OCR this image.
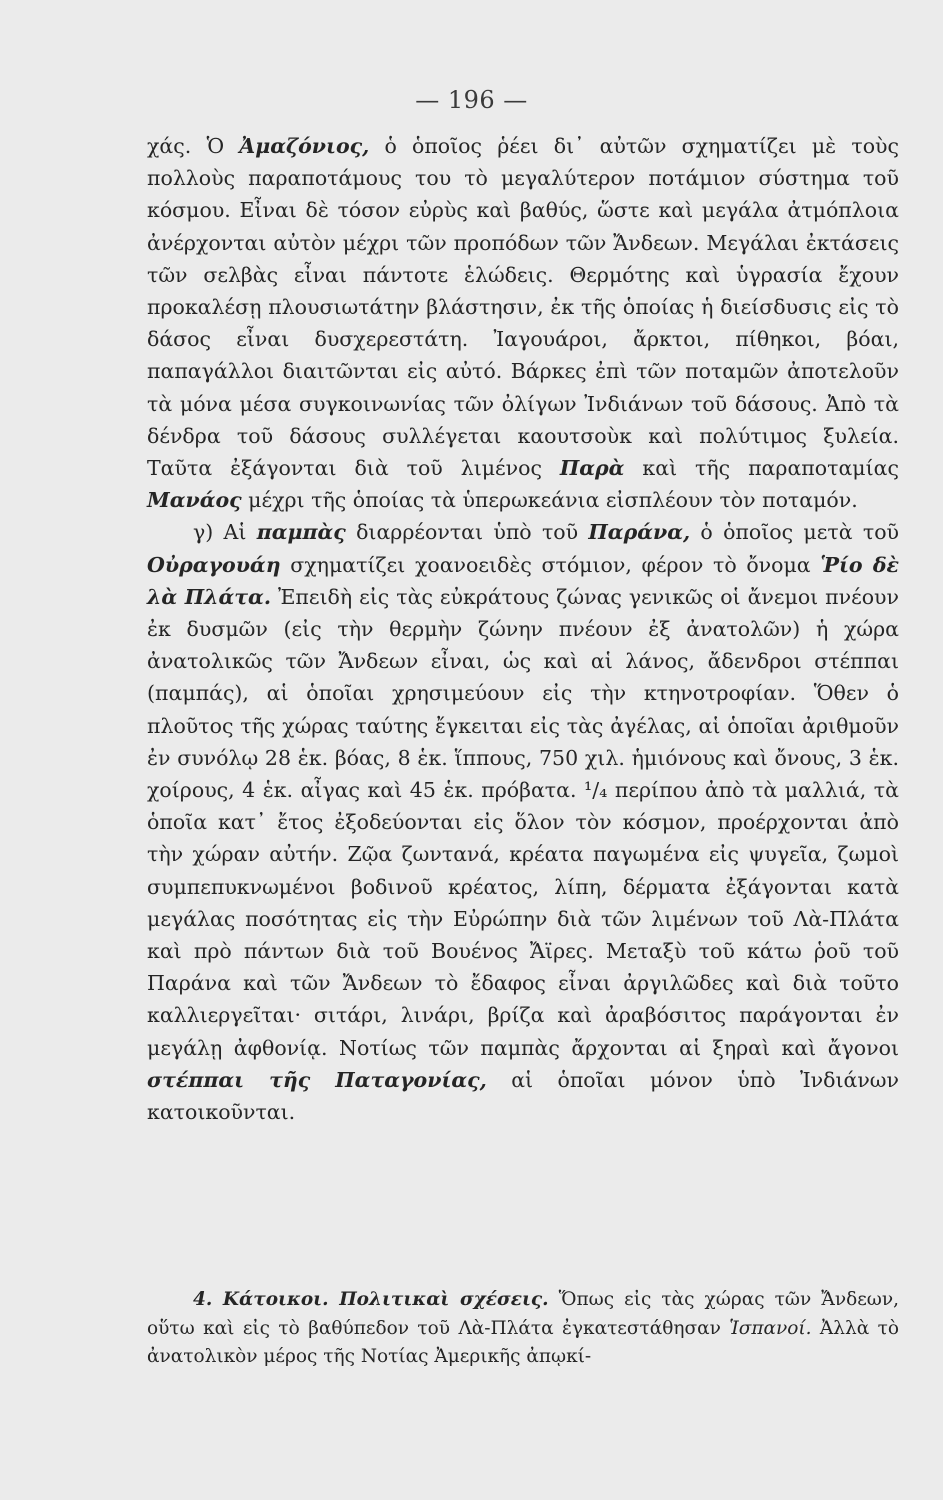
— 196 —

χάς. Ὁ Ἀμαζόνιος, ὁ ὁποῖος ῥέει δι᾽ αὐτῶν σχηματίζει μὲ τοὺς πολλοὺς παραποτάμους του τὸ μεγαλύτερον ποτάμιον σύστημα τοῦ κόσμου. Εἶναι δὲ τόσον εὐρὺς καὶ βαθύς, ὥστε καὶ μεγάλα ἀτμόπλοια ἀνέρχονται αὐτὸν μέχρι τῶν προπόδων τῶν Ἄνδεων. Μεγάλαι ἐκτάσεις τῶν σελβὰς εἶναι πάντοτε ἑλώδεις. Θερμότης καὶ ὑγρασία ἔχουν προκαλέσῃ πλουσιωτάτην βλάστησιν, ἐκ τῆς ὁποίας ἡ διείσδυσις εἰς τὸ δάσος εἶναι δυσχερεστάτη. Ἰαγουάροι, ἄρκτοι, πίθηκοι, βόαι, παπαγάλλοι διαιτῶνται εἰς αὐτό. Βάρκες ἐπὶ τῶν ποταμῶν ἀποτελοῦν τὰ μόνα μέσα συγκοινωνίας τῶν ὀλίγων Ἰνδιάνων τοῦ δάσους. Ἀπὸ τὰ δένδρα τοῦ δάσους συλλέγεται καουτσοὺκ καὶ πολύτιμος ξυλεία. Ταῦτα ἐξάγονται διὰ τοῦ λιμένος Παρὰ καὶ τῆς παραποταμίας Μανάος μέχρι τῆς ὁποίας τὰ ὑπερωκεάνια εἰσπλέουν τὸν ποταμόν.

γ) Αἱ παμπὰς διαρρέονται ὑπὸ τοῦ Παράνα, ὁ ὁποῖος μετὰ τοῦ Οὐραγουάη σχηματίζει χοανοειδὲς στόμιον, φέρον τὸ ὄνομα Ῥίο δὲ λὰ Πλάτα. Ἐπειδὴ εἰς τὰς εὐκράτους ζώνας γενικῶς οἱ ἄνεμοι πνέουν ἐκ δυσμῶν (εἰς τὴν θερμὴν ζώνην πνέουν ἐξ ἀνατολῶν) ἡ χώρα ἀνατολικῶς τῶν Ἄνδεων εἶναι, ὡς καὶ αἱ λάνος, ἄδενδροι στέππαι (παμπάς), αἱ ὁποῖαι χρησιμεύουν εἰς τὴν κτηνοτροφίαν. Ὅθεν ὁ πλοῦτος τῆς χώρας ταύτης ἔγκειται εἰς τὰς ἀγέλας, αἱ ὁποῖαι ἀριθμοῦν ἐν συνόλῳ 28 ἑκ. βόας, 8 ἑκ. ἵππους, 750 χιλ. ἡμιόνους καὶ ὄνους, 3 ἑκ. χοίρους, 4 ἑκ. αἶγας καὶ 45 ἑκ. πρόβατα. ¹/₄ περίπου ἀπὸ τὰ μαλλιά, τὰ ὁποῖα κατ᾽ ἔτος ἐξοδεύονται εἰς ὅλον τὸν κόσμον, προέρχονται ἀπὸ τὴν χώραν αὐτήν. Ζῷα ζωντανά, κρέατα παγωμένα εἰς ψυγεῖα, ζωμοὶ συμπεπυκνωμένοι βοδινοῦ κρέατος, λίπη, δέρματα ἐξάγονται κατὰ μεγάλας ποσότητας εἰς τὴν Εὐρώπην διὰ τῶν λιμένων τοῦ Λὰ-Πλάτα καὶ πρὸ πάντων διὰ τοῦ Βουένος Ἄϊρες. Μεταξὺ τοῦ κάτω ῥοῦ τοῦ Παράνα καὶ τῶν Ἄνδεων τὸ ἔδαφος εἶναι ἀργιλῶδες καὶ διὰ τοῦτο καλλιεργεῖται· σιτάρι, λινάρι, βρίζα καὶ ἀραβόσιτος παράγονται ἐν μεγάλῃ ἀφθονίᾳ. Νοτίως τῶν παμπὰς ἄρχονται αἱ ξηραὶ καὶ ἄγονοι στέππαι τῆς Παταγονίας, αἱ ὁποῖαι μόνον ὑπὸ Ἰνδιάνων κατοικοῦνται.

4. Κάτοικοι. Πολιτικαὶ σχέσεις. Ὅπως εἰς τὰς χώρας τῶν Ἄνδεων, οὕτω καὶ εἰς τὸ βαθύπεδον τοῦ Λὰ-Πλάτα ἐγκατεστάθησαν Ἱσπανοί. Ἀλλὰ τὸ ἀνατολικὸν μέρος τῆς Νοτίας Ἀμερικῆς ἀπῳκί-
